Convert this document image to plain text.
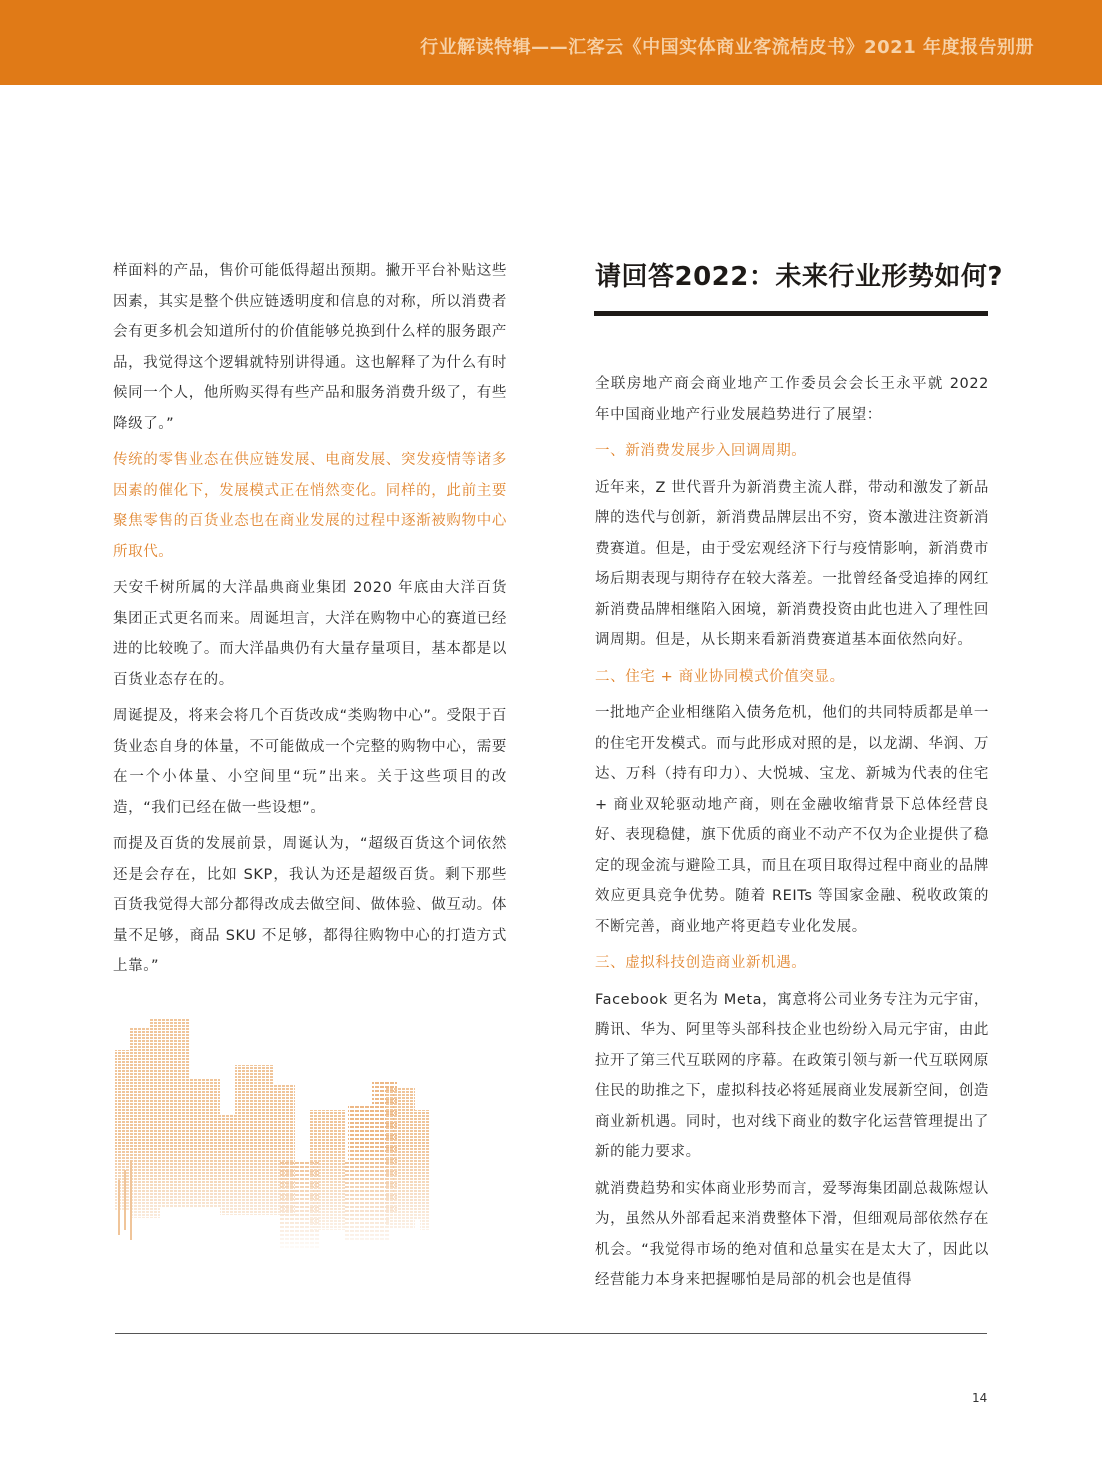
行业解读特辑——汇客云《中国实体商业客流桔皮书》2021 年度报告别册

样面料的产品，售价可能低得超出预期。撇开平台补贴这些因素，其实是整个供应链透明度和信息的对称，所以消费者会有更多机会知道所付的价值能够兑换到什么样的服务跟产品，我觉得这个逻辑就特别讲得通。这也解释了为什么有时候同一个人，他所购买得有些产品和服务消费升级了，有些降级了。”

传统的零售业态在供应链发展、电商发展、突发疫情等诸多因素的催化下，发展模式正在悄然变化。同样的，此前主要聚焦零售的百货业态也在商业发展的过程中逐渐被购物中心所取代。

天安千树所属的大洋晶典商业集团 2020 年底由大洋百货集团正式更名而来。周诞坦言，大洋在购物中心的赛道已经进的比较晚了。而大洋晶典仍有大量存量项目，基本都是以百货业态存在的。

周诞提及，将来会将几个百货改成“类购物中心”。受限于百货业态自身的体量，不可能做成一个完整的购物中心，需要在一个小体量、小空间里“玩”出来。关于这些项目的改造，“我们已经在做一些设想”。

而提及百货的发展前景，周诞认为，“超级百货这个词依然还是会存在，比如 SKP，我认为还是超级百货。剩下那些百货我觉得大部分都得改成去做空间、做体验、做互动。体量不足够，商品 SKU 不足够，都得往购物中心的打造方式上靠。”

请回答2022：未来行业形势如何?

全联房地产商会商业地产工作委员会会长王永平就 2022 年中国商业地产行业发展趋势进行了展望：

一、新消费发展步入回调周期。

近年来，Z 世代晋升为新消费主流人群，带动和激发了新品牌的迭代与创新，新消费品牌层出不穷，资本激进注资新消费赛道。但是，由于受宏观经济下行与疫情影响，新消费市场后期表现与期待存在较大落差。一批曾经备受追捧的网红新消费品牌相继陷入困境，新消费投资由此也进入了理性回调周期。但是，从长期来看新消费赛道基本面依然向好。

二、住宅 + 商业协同模式价值突显。

一批地产企业相继陷入债务危机，他们的共同特质都是单一的住宅开发模式。而与此形成对照的是，以龙湖、华润、万达、万科（持有印力）、大悦城、宝龙、新城为代表的住宅 + 商业双轮驱动地产商，则在金融收缩背景下总体经营良好、表现稳健，旗下优质的商业不动产不仅为企业提供了稳定的现金流与避险工具，而且在项目取得过程中商业的品牌效应更具竞争优势。随着 REITs 等国家金融、税收政策的不断完善，商业地产将更趋专业化发展。

三、虚拟科技创造商业新机遇。

Facebook 更名为 Meta，寓意将公司业务专注为元宇宙，腾讯、华为、阿里等头部科技企业也纷纷入局元宇宙，由此拉开了第三代互联网的序幕。在政策引领与新一代互联网原住民的助推之下，虚拟科技必将延展商业发展新空间，创造商业新机遇。同时，也对线下商业的数字化运营管理提出了新的能力要求。

就消费趋势和实体商业形势而言，爱琴海集团副总裁陈煜认为，虽然从外部看起来消费整体下滑，但细观局部依然存在机会。“我觉得市场的绝对值和总量实在是太大了，因此以经营能力本身来把握哪怕是局部的机会也是值得

14
